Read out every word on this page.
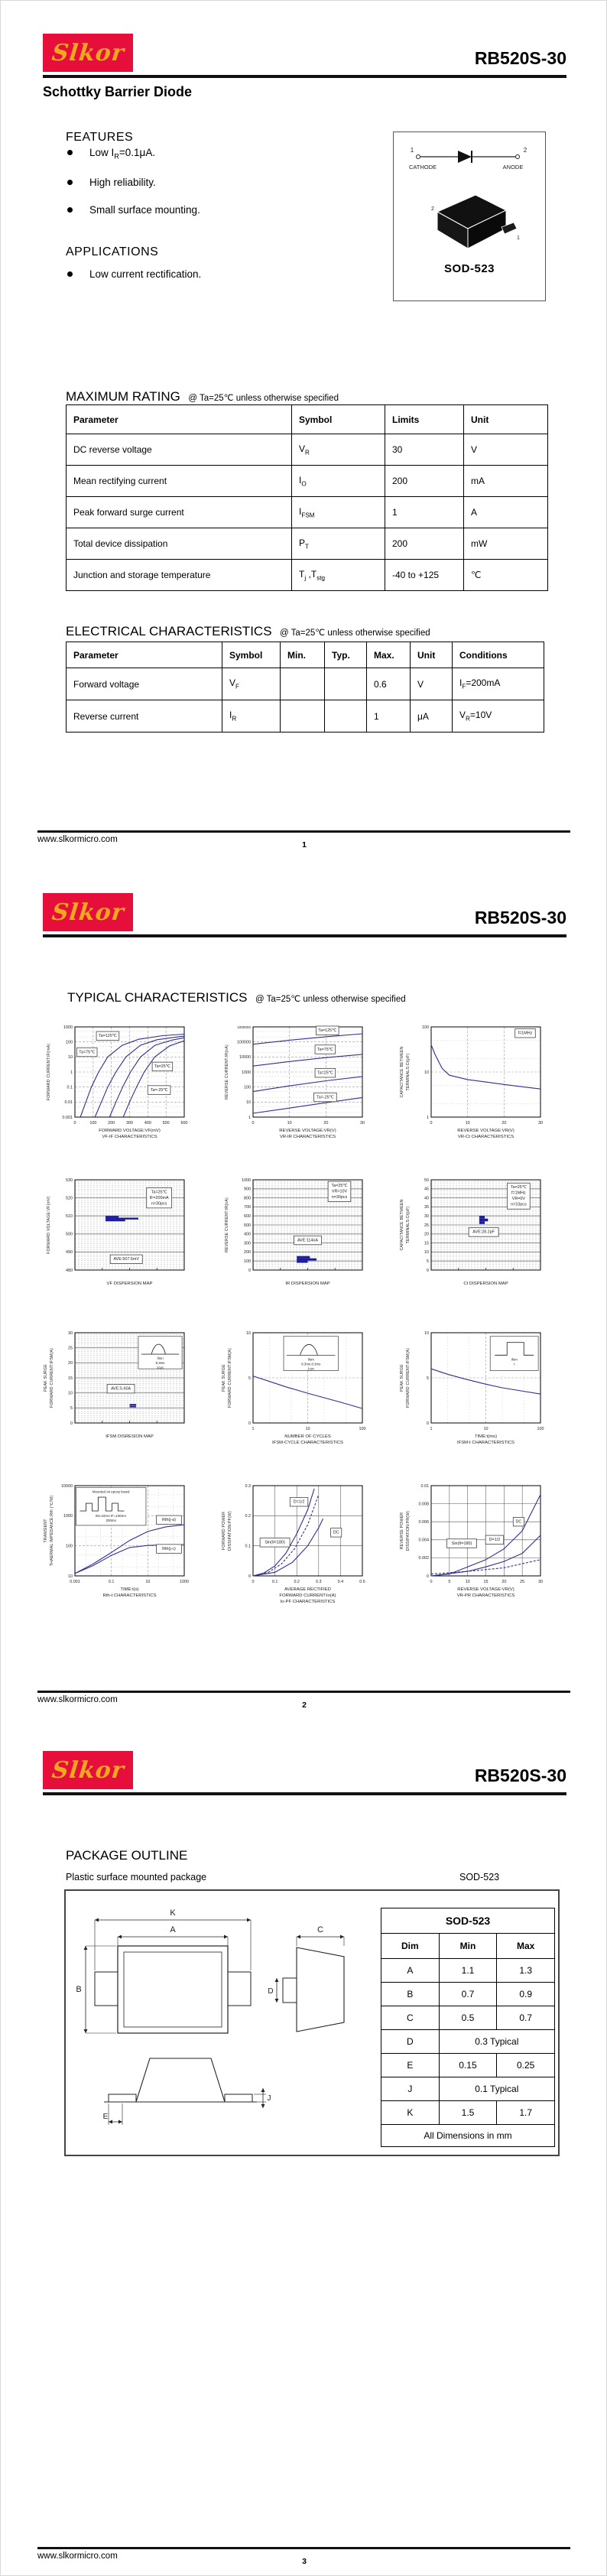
Slkor	RB520S-30
Schottky Barrier Diode
FEATURES
Low $I_R=0.1\mu A$.
High reliability.
Small surface mounting.
APPLICATIONS
Low current rectification.
1	2
CATHODE	ANODE
2
1
SOD-523
MAXIMUM RATING @ Ta=25℃ unless otherwise specified
Parameter	Symbol	Limits	Unit
DC reverse voltage	$V_R$	30	V
Mean rectifying current	$I_O$	200	mA
Peak forward surge current	$I_{FSM}$	1	A
Total device dissipation	$P_T$	200	mW
Junction and storage temperature	$T_j$ $,T_{stg}$	-40 to +125	℃
ELECTRICAL CHARACTERISTICS @ Ta=25℃ unless otherwise specified
Parameter	Symbol	Min.	Typ.	Max.	Unit	Conditions
Forward voltage	$V_F$			0.6	V	$I_F=200mA$
Reverse current	$I_R$			1	μA	$V_R=10V$
www.slkormicro.com
1
Slkor	RB520S-30
TYPICAL CHARACTERISTICS @ Ta=25℃ unless otherwise specified
Ta=125℃
Ta=75℃
Ta=25℃
Ta=-25℃
0.001
0.01
0.1
1
10
100
1000
0	100	200	300	400	500	600
FORWARD CURRENT:IF(mA)
FORWARD VOLTAGE:VF(mV)
VF-IF CHARACTERISTICS
Ta=125℃
Ta=75℃
Ta=25℃
Ta=-25℃
1
10
100
1000
10000
100000
1000000
0	10	20	30
REVERSE CURRENT:IR(nA)
REVERSE VOLTAGE:VR(V)
VR-IR CHARACTERISTICS
f=1MHz
1
10
100
0	10	20	30
CAPACITANCE BETWEEN TERMINALS:Ct(pF)
REVERSE VOLTAGE:VR(V)
VR-Ct CHARACTERISTICS
Ta=25℃
IF=200mA
n=30pcs
AVE:507.6mV
480
490
500
510
520
530
FORWARD VOLTAGE:VF(mV)
VF DISPERSION MAP
Ta=25℃
VR=10V
n=30pcs
AVE:114nA
0
100
200
300
400
500
600
700
800
900
1000
REVERSE CURRENT:IR(nA)
IR DISPERSION MAP
Ta=25℃
f=1MHz
VR=0V
n=10pcs
AVE:28.2pF
0
5
10
15
20
25
30
35
40
45
50
CAPACITANCE BETWEEN TERMINALS:Ct(pF)
Ct DISPERSION MAP
AVE:5.60A
Ifsm
8.3ms
1cyc
0
5
10
15
20
25
30
PEAK SURGE FORWARD CURRENT:IFSM(A)
IFSM DISRESION MAP
Ifsm
8.3ms 8.3ms
1cyc
0
5
10
1	10	100
PEAK SURGE FORWARD CURRENT:IFSM(A)
NUMBER OF CYCLES
IFSM-CYCLE CHARACTERISTICS
Ifsm
t
0
5
10
1	10	100
PEAK SURGE FORWARD CURRENT:IFSM(A)
TIME:t(ms)
IFSM-t CHARACTERISTICS
Rth(j-a)
Rth(j-c)
Mounted on epoxy board
IM=10mA IF=100mA
200ms
10
100
1000
10000
0.001	0.1	10	1000
TRANSIENT THAERMAL IMPEDANCE:Rth (℃/W)
TIME:t(s)
Rth-t CHARACTERISTICS
D=1/2
Sin(θ=180)
DC
0
0.1
0.2
0.3
0	0.1	0.2	0.3	0.4	0.5
FORWARD POWER DISSIPATION:PF(W)
AVERAGE RECTIFIED
FORWARD CURRENT:Io(A)
Io-PF CHARACTERISTICS
DC
D=1/2
Sin(θ=180)
0
0.002
0.004
0.006
0.008
0.01
0	5	10	15	20	25	30
REVERSE POWER DISSIPATION:PR(W)
REVERSE VOLTAGE:VR(V)
VR-PR CHARACTERISTICS
www.slkormicro.com
2
Slkor	RB520S-30
PACKAGE OUTLINE
Plastic surface mounted package	SOD-523
K
A
B
C
D
E
J
SOD-523		
Dim	Min	Max
A	1.1	1.3
B	0.7	0.9
C	0.5	0.7
D	0.3 Typical	
E	0.15	0.25
J	0.1 Typical	
K	1.5	1.7
All Dimensions in mm		
www.slkormicro.com
3
